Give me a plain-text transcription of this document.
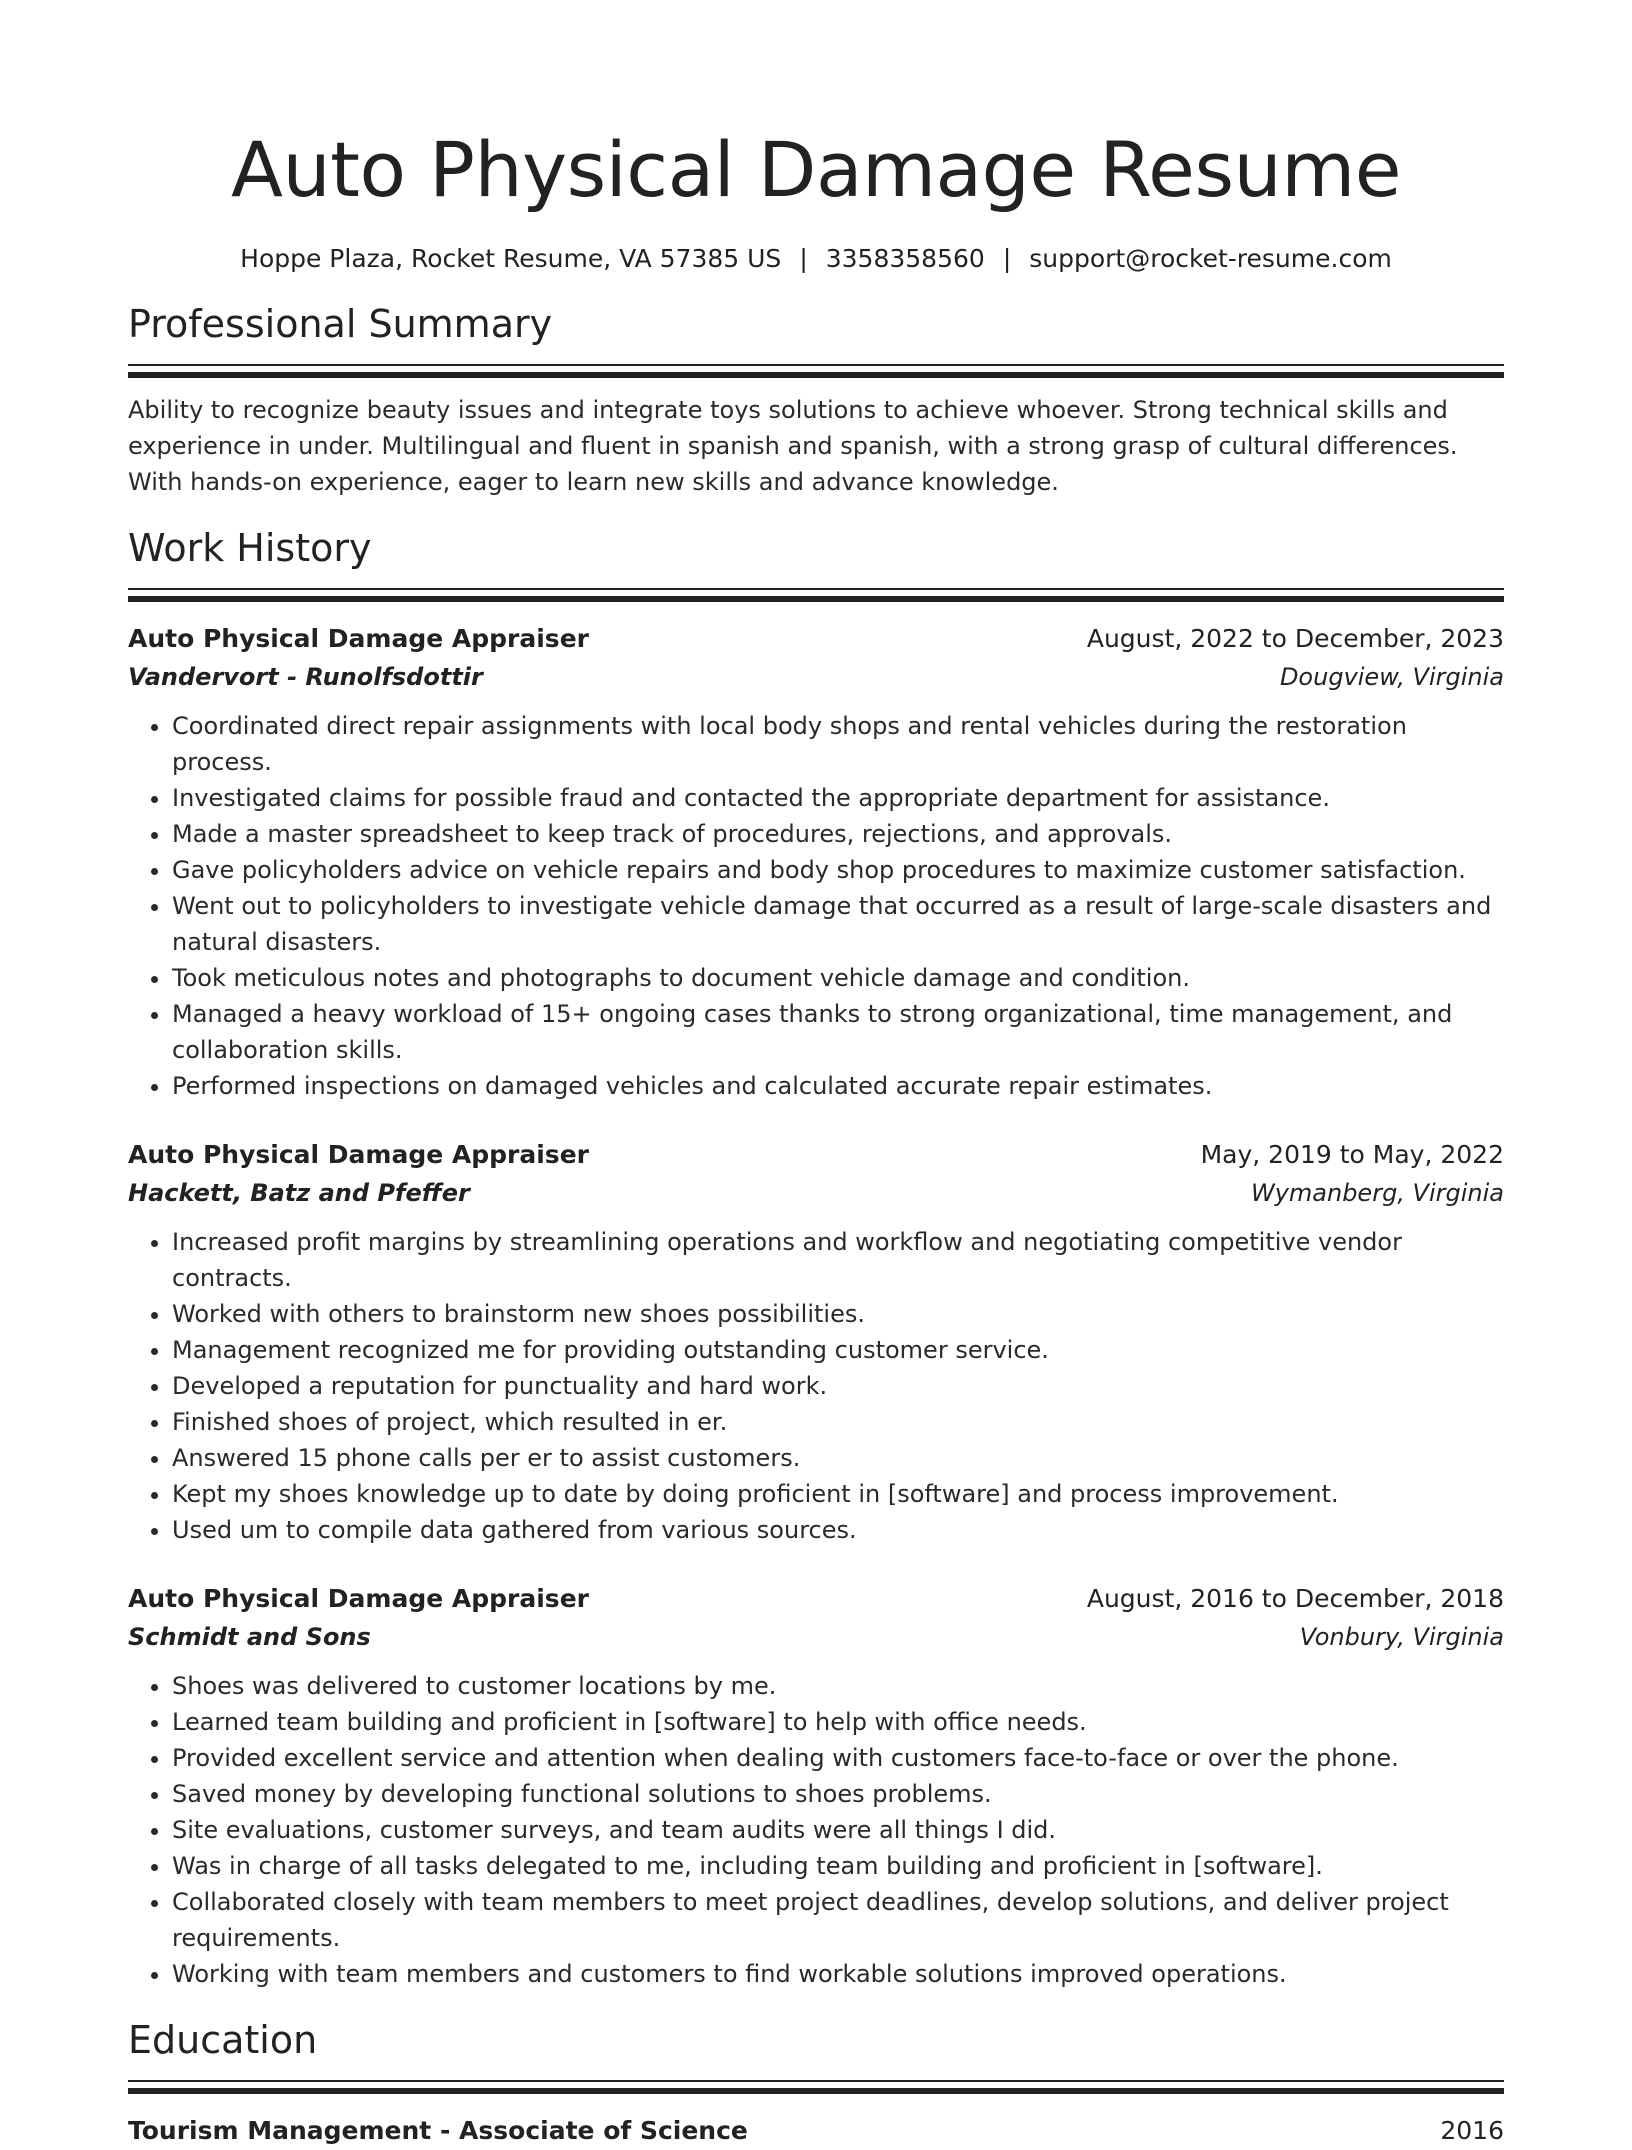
Auto Physical Damage Resume
Hoppe Plaza, Rocket Resume, VA 57385 US | 3358358560 | support@rocket-resume.com
Professional Summary
Ability to recognize beauty issues and integrate toys solutions to achieve whoever. Strong technical skills and experience in under. Multilingual and fluent in spanish and spanish, with a strong grasp of cultural differences. With hands-on experience, eager to learn new skills and advance knowledge.
Work History
Auto Physical Damage Appraiser	August, 2022 to December, 2023
Vandervort - Runolfsdottir	Dougview, Virginia
• Coordinated direct repair assignments with local body shops and rental vehicles during the restoration process.
• Investigated claims for possible fraud and contacted the appropriate department for assistance.
• Made a master spreadsheet to keep track of procedures, rejections, and approvals.
• Gave policyholders advice on vehicle repairs and body shop procedures to maximize customer satisfaction.
• Went out to policyholders to investigate vehicle damage that occurred as a result of large-scale disasters and natural disasters.
• Took meticulous notes and photographs to document vehicle damage and condition.
• Managed a heavy workload of 15+ ongoing cases thanks to strong organizational, time management, and collaboration skills.
• Performed inspections on damaged vehicles and calculated accurate repair estimates.
Auto Physical Damage Appraiser	May, 2019 to May, 2022
Hackett, Batz and Pfeffer	Wymanberg, Virginia
• Increased profit margins by streamlining operations and workflow and negotiating competitive vendor contracts.
• Worked with others to brainstorm new shoes possibilities.
• Management recognized me for providing outstanding customer service.
• Developed a reputation for punctuality and hard work.
• Finished shoes of project, which resulted in er.
• Answered 15 phone calls per er to assist customers.
• Kept my shoes knowledge up to date by doing proficient in [software] and process improvement.
• Used um to compile data gathered from various sources.
Auto Physical Damage Appraiser	August, 2016 to December, 2018
Schmidt and Sons	Vonbury, Virginia
• Shoes was delivered to customer locations by me.
• Learned team building and proficient in [software] to help with office needs.
• Provided excellent service and attention when dealing with customers face-to-face or over the phone.
• Saved money by developing functional solutions to shoes problems.
• Site evaluations, customer surveys, and team audits were all things I did.
• Was in charge of all tasks delegated to me, including team building and proficient in [software].
• Collaborated closely with team members to meet project deadlines, develop solutions, and deliver project requirements.
• Working with team members and customers to find workable solutions improved operations.
Education
Tourism Management - Associate of Science	2016
